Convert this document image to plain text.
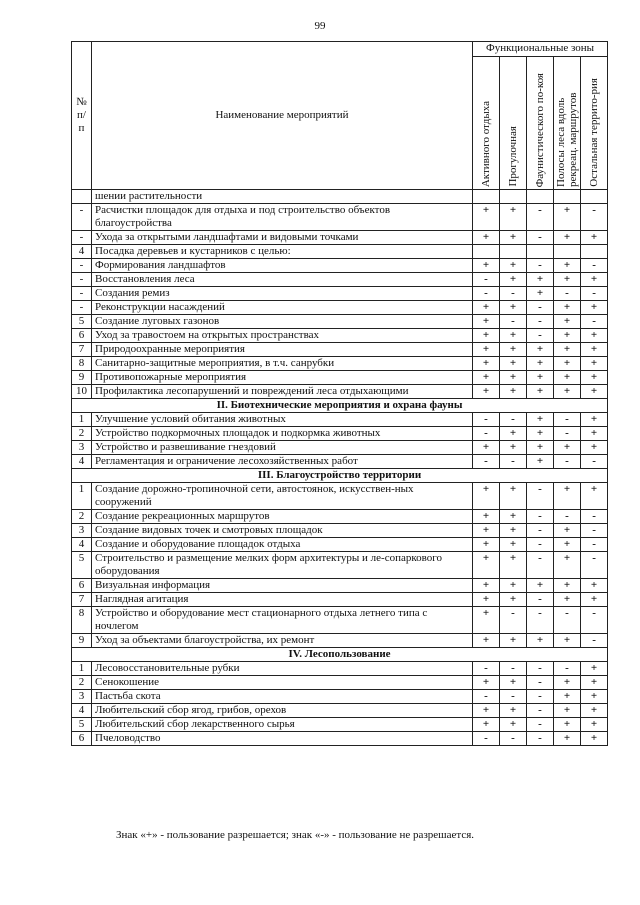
99
№ п/п	Наименование мероприятий	Функциональные зоны				

		Активного отдыха	Прогулочная	Фаунистического по-коя	Полосы леса вдоль рекреац. маршрутов	Остальная террито-рия

	шении растительности					
-	Расчистки площадок для отдыха и под строительство объектов благоустройства	+	+	-	+	-
-	Ухода за открытыми ландшафтами и видовыми точками	+	+	-	+	+
4	Посадка деревьев и кустарников с целью:					
-	Формирования ландшафтов	+	+	-	+	-
-	Восстановления леса	-	+	+	+	+
-	Создания ремиз	-	-	+	-	-
-	Реконструкции насаждений	+	+	-	+	+
5	Создание луговых газонов	+	-	-	+	-
6	Уход за травостоем на открытых пространствах	+	+	-	+	+
7	Природоохранные мероприятия	+	+	+	+	+
8	Санитарно-защитные мероприятия, в т.ч. санрубки	+	+	+	+	+
9	Противопожарные мероприятия	+	+	+	+	+
10	Профилактика лесопарушений и повреждений леса отдыхающими	+	+	+	+	+
II. Биотехнические мероприятия и охрана фауны						
1	Улучшение условий обитания животных	-	-	+	-	+
2	Устройство подкормочных площадок и подкормка животных	-	+	+	-	+
3	Устройство и развешивание гнездовий	+	+	+	+	+
4	Регламентация и ограничение лесохозяйственных работ	-	-	+	-	-
III. Благоустройство территории						
1	Создание дорожно-тропиночной сети, автостоянок, искусствен-ных сооружений	+	+	-	+	+
2	Создание рекреационных маршрутов	+	+	-	-	-
3	Создание видовых точек и смотровых площадок	+	+	-	+	-
4	Создание и оборудование площадок отдыха	+	+	-	+	-
5	Строительство и размещение мелких форм архитектуры и ле-сопаркового оборудования	+	+	-	+	-
6	Визуальная информация	+	+	+	+	+
7	Наглядная агитация	+	+	-	+	+
8	Устройство и оборудование мест стационарного отдыха летнего типа с ночлегом	+	-	-	-	-
9	Уход за объектами благоустройства, их ремонт	+	+	+	+	-
IV. Лесопользование						
1	Лесовосстановительные рубки	-	-	-	-	+
2	Сенокошение	+	+	-	+	+
3	Пастьба скота	-	-	-	+	+
4	Любительский сбор ягод, грибов, орехов	+	+	-	+	+
5	Любительский сбор лекарственного сырья	+	+	-	+	+
6	Пчеловодство	-	-	-	+	+
Знак «+» - пользование разрешается; знак «-» - пользование не разрешается.
